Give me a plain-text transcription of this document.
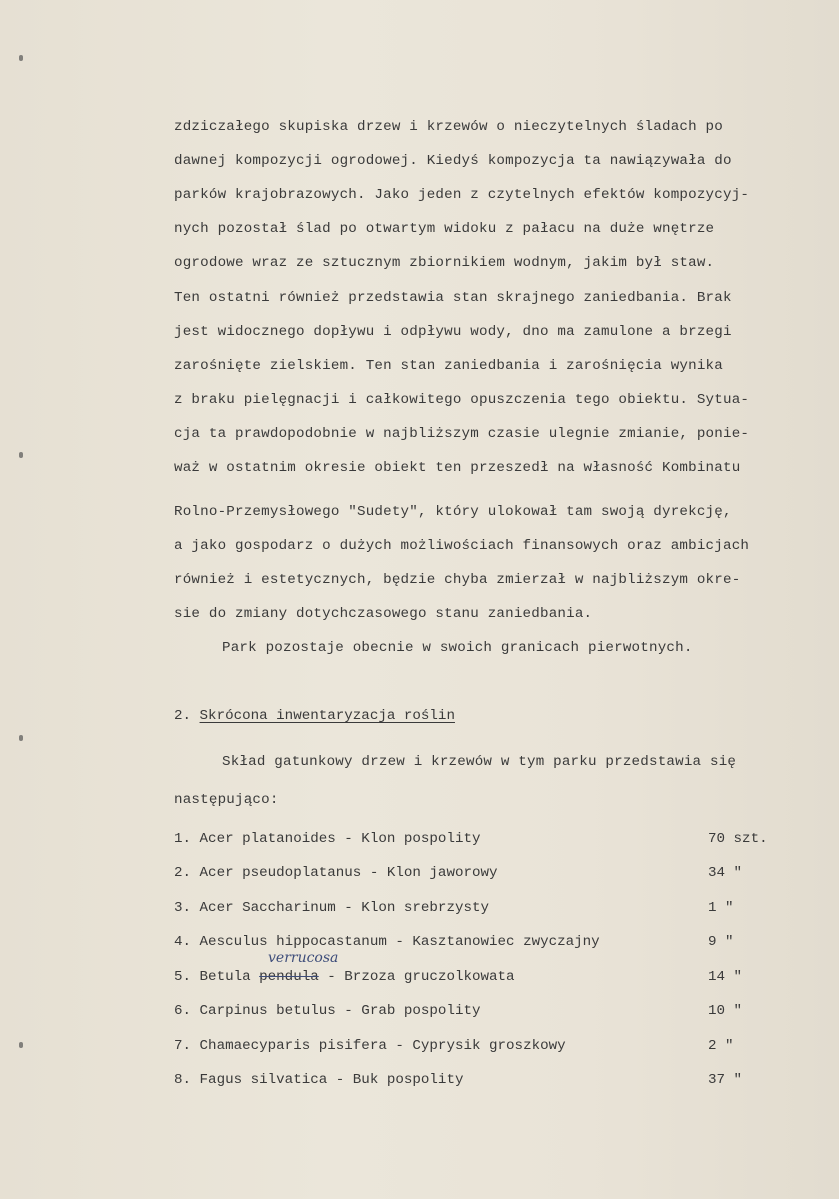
zdziczałego skupiska drzew i krzewów o nieczytelnych śladach po
dawnej kompozycji ogrodowej. Kiedyś kompozycja ta nawiązywała do
parków krajobrazowych. Jako jeden z czytelnych efektów kompozycyj-
nych pozostał ślad po otwartym widoku z pałacu na duże wnętrze
ogrodowe wraz ze sztucznym zbiornikiem wodnym, jakim był staw.
Ten ostatni również przedstawia stan skrajnego zaniedbania. Brak
jest widocznego dopływu i odpływu wody, dno ma zamulone a brzegi
zarośnięte zielskiem. Ten stan zaniedbania i zarośnięcia wynika
z braku pielęgnacji i całkowitego opuszczenia tego obiektu. Sytua-
cja ta prawdopodobnie w najbliższym czasie ulegnie zmianie, ponie-
waż w ostatnim okresie obiekt ten przeszedł na własność Kombinatu
Rolno-Przemysłowego "Sudety", który ulokował tam swoją dyrekcję,
a jako gospodarz o dużych możliwościach finansowych oraz ambicjach
również i estetycznych, będzie chyba zmierzał w najbliższym okre-
sie do zmiany dotychczasowego stanu zaniedbania.
Park pozostaje obecnie w swoich granicach pierwotnych.
2. Skrócona inwentaryzacja roślin
Skład gatunkowy drzew i krzewów w tym parku przedstawia się
następująco:
1. Acer platanoides - Klon pospolity	70 szt.
2. Acer pseudoplatanus - Klon jaworowy	34 "
3. Acer Saccharinum - Klon srebrzysty	1 "
4. Aesculus hippocastanum - Kasztanowiec zwyczajny	9 "
5. Betula pendula - Brzoza gruczolkowata	14 "
6. Carpinus betulus - Grab pospolity	10 "
7. Chamaecyparis pisifera - Cyprysik groszkowy	2 "
8. Fagus silvatica - Buk pospolity	37 "
verrucosa
